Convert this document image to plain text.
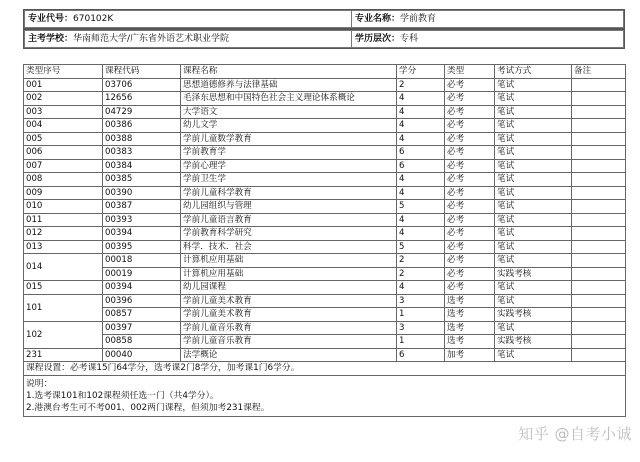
专业代号：670102K	专业名称：学前教育
主考学校：华南师范大学/广东省外语艺术职业学院	学历层次：专科
类型序号	课程代码	课程名称	学分	类型	考试方式	备注
001	03706	思想道德修养与法律基础	2	必考	笔试	
002	12656	毛泽东思想和中国特色社会主义理论体系概论	4	必考	笔试	
003	04729	大学语文	4	必考	笔试	
004	00386	幼儿文学	4	必考	笔试	
005	00388	学前儿童数学教育	4	必考	笔试	
006	00383	学前教育学	6	必考	笔试	
007	00384	学前心理学	6	必考	笔试	
008	00385	学前卫生学	4	必考	笔试	
009	00390	学前儿童科学教育	4	必考	笔试	
010	00387	幼儿园组织与管理	5	必考	笔试	
011	00393	学前儿童语言教育	4	必考	笔试	
012	00394	学前教育科学研究	4	必考	笔试	
013	00395	科学．技术．社会	5	必考	笔试	
014	00018	计算机应用基础	2	必考	笔试	
	00019	计算机应用基础	2	必考	实践考核	
015	00394	幼儿园课程	4	必考	笔试	
101	00396	学前儿童美术教育	3	选考	笔试	
	00857	学前儿童美术教育	1	选考	实践考核	
102	00397	学前儿童音乐教育	3	选考	笔试	
	00858	学前儿童音乐教育	1	选考	实践考核	
231	00040	法学概论	6	加考	笔试	
课程设置：必考课15门64学分，选考课2门8学分，加考课1门6学分。						

说明：
1.选考课101和102课程须任选一门（共4学分）。
2.港澳台考生可不考001、002两门课程，但须加考231课程。						
知乎 @自考小诚
